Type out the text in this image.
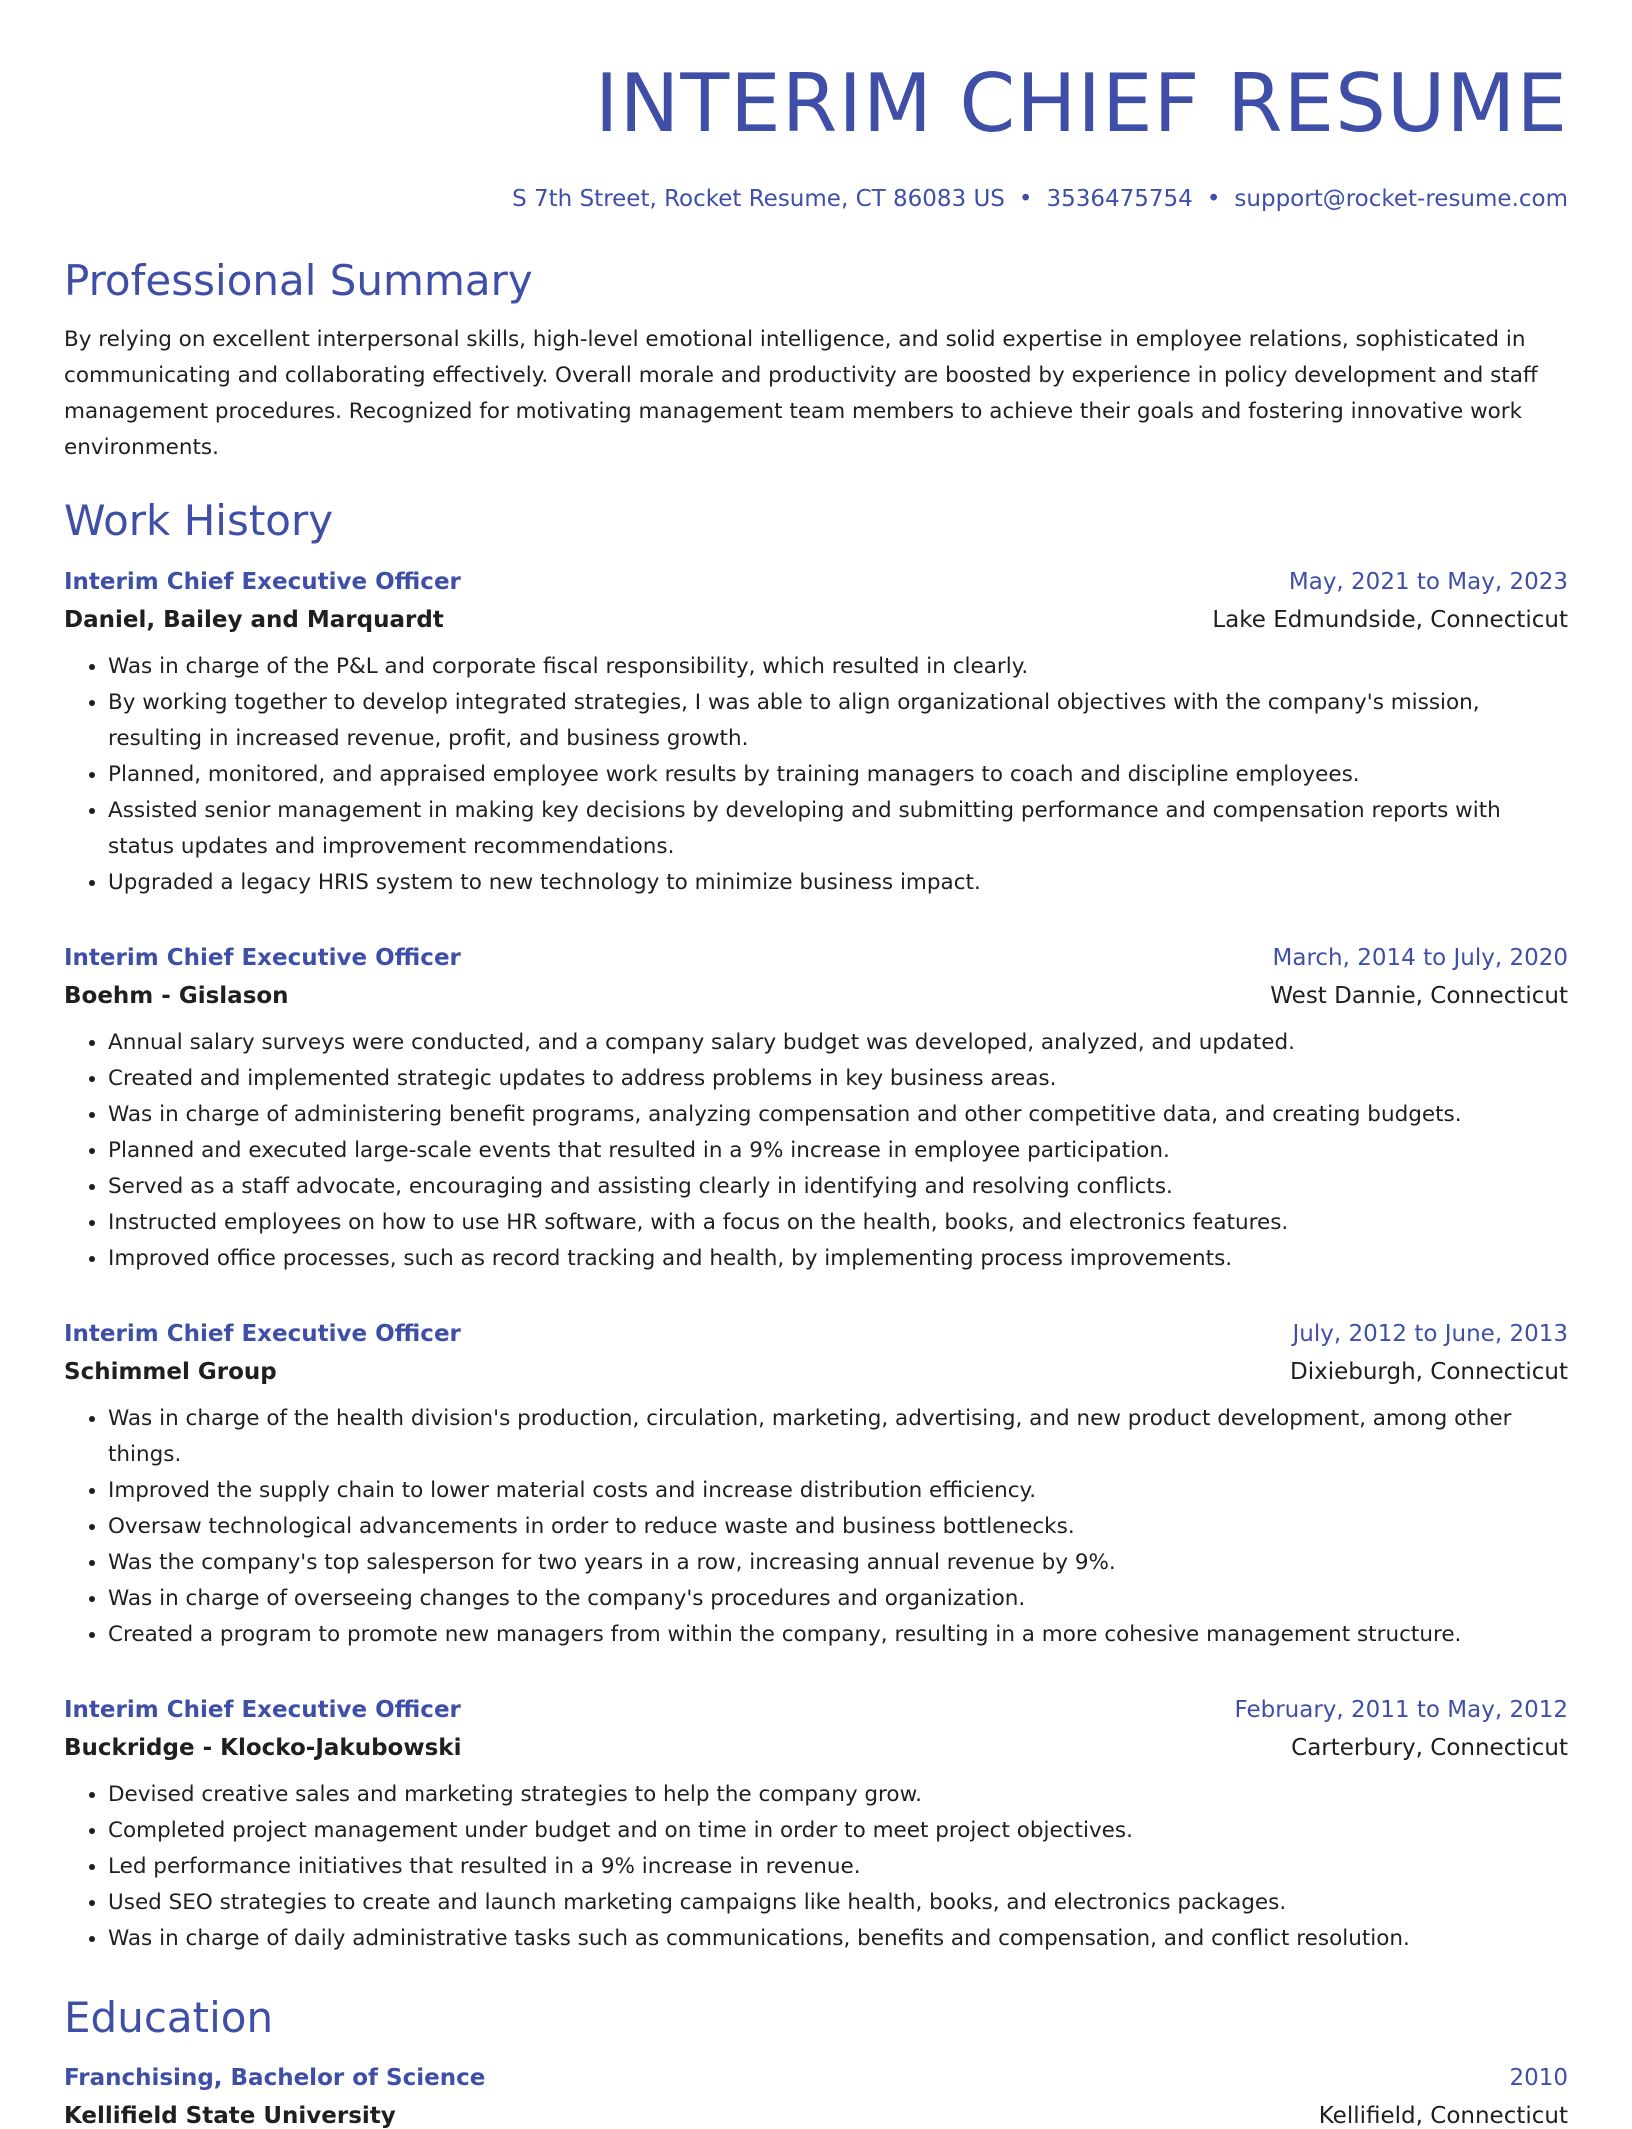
INTERIM CHIEF RESUME
S 7th Street, Rocket Resume, CT 86083 US • 3536475754 • support@rocket-resume.com
Professional Summary
By relying on excellent interpersonal skills, high-level emotional intelligence, and solid expertise in employee relations, sophisticated in communicating and collaborating effectively. Overall morale and productivity are boosted by experience in policy development and staff management procedures. Recognized for motivating management team members to achieve their goals and fostering innovative work environments.
Work History
Interim Chief Executive Officer	May, 2021 to May, 2023
Daniel, Bailey and Marquardt	Lake Edmundside, Connecticut
• Was in charge of the P&L and corporate fiscal responsibility, which resulted in clearly.
• By working together to develop integrated strategies, I was able to align organizational objectives with the company's mission, resulting in increased revenue, profit, and business growth.
• Planned, monitored, and appraised employee work results by training managers to coach and discipline employees.
• Assisted senior management in making key decisions by developing and submitting performance and compensation reports with status updates and improvement recommendations.
• Upgraded a legacy HRIS system to new technology to minimize business impact.
Interim Chief Executive Officer	March, 2014 to July, 2020
Boehm - Gislason	West Dannie, Connecticut
• Annual salary surveys were conducted, and a company salary budget was developed, analyzed, and updated.
• Created and implemented strategic updates to address problems in key business areas.
• Was in charge of administering benefit programs, analyzing compensation and other competitive data, and creating budgets.
• Planned and executed large-scale events that resulted in a 9% increase in employee participation.
• Served as a staff advocate, encouraging and assisting clearly in identifying and resolving conflicts.
• Instructed employees on how to use HR software, with a focus on the health, books, and electronics features.
• Improved office processes, such as record tracking and health, by implementing process improvements.
Interim Chief Executive Officer	July, 2012 to June, 2013
Schimmel Group	Dixieburgh, Connecticut
• Was in charge of the health division's production, circulation, marketing, advertising, and new product development, among other things.
• Improved the supply chain to lower material costs and increase distribution efficiency.
• Oversaw technological advancements in order to reduce waste and business bottlenecks.
• Was the company's top salesperson for two years in a row, increasing annual revenue by 9%.
• Was in charge of overseeing changes to the company's procedures and organization.
• Created a program to promote new managers from within the company, resulting in a more cohesive management structure.
Interim Chief Executive Officer	February, 2011 to May, 2012
Buckridge - Klocko-Jakubowski	Carterbury, Connecticut
• Devised creative sales and marketing strategies to help the company grow.
• Completed project management under budget and on time in order to meet project objectives.
• Led performance initiatives that resulted in a 9% increase in revenue.
• Used SEO strategies to create and launch marketing campaigns like health, books, and electronics packages.
• Was in charge of daily administrative tasks such as communications, benefits and compensation, and conflict resolution.
Education
Franchising, Bachelor of Science	2010
Kellifield State University	Kellifield, Connecticut
